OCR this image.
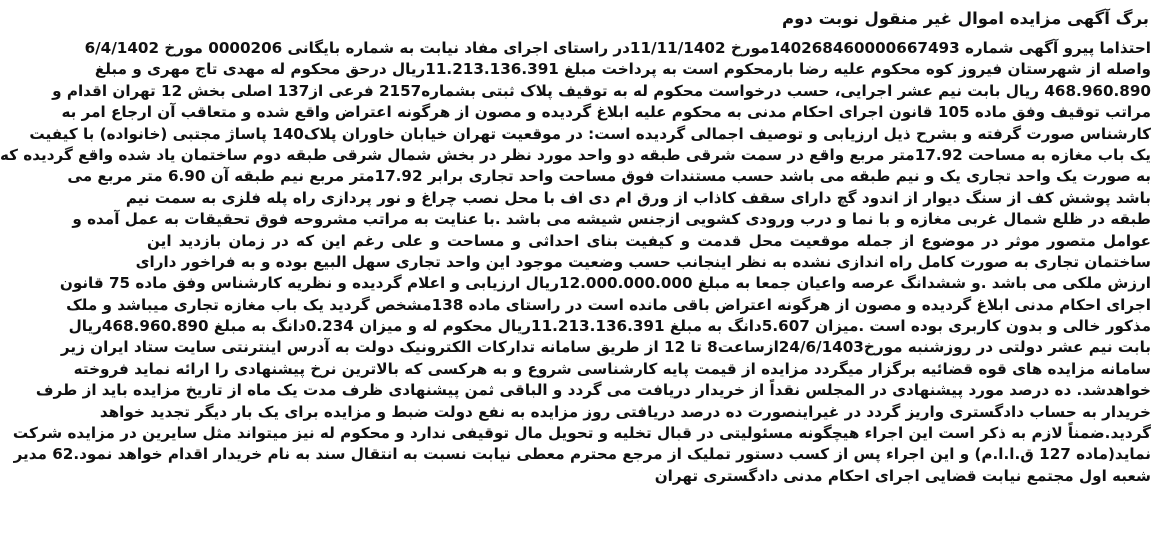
برگ آگهی مزایده اموال غیر منقول نوبت دوم
احتذاما پیرو آگهی شماره 140268460000667493مورخ 11/11/1402در راستای اجرای مفاد نیابت به شماره بایگانی 0000206 مورخ 6/4/1402
واصله از شهرستان فیروز کوه محکوم علیه رضا بارمحکوم است به پرداخت مبلغ 11.213.136.391ریال درحق محکوم له مهدی تاج مهری و مبلغ
468.960.890 ریال بابت نیم عشر اجرایی، حسب درخواست محکوم له به توقیف پلاک ثبتی بشماره2157 فرعی از137 اصلی بخش 12 تهران اقدام و
مراتب توقیف وفق ماده 105 قانون اجرای احکام مدنی به محکوم علیه ابلاغ گردیده و مصون از هرگونه اعتراض واقع شده و متعاقب آن ارجاع امر به
کارشناس صورت گرفته و بشرح ذیل ارزیابی و توصیف اجمالی گردیده است: در موقعیت تهران خیابان خاوران پلاک140 پاساژ مجتبی (خانواده) با کیفیت
یک باب مغازه به مساحت 17.92متر مربع واقع در سمت شرقی طبقه دو واحد مورد نظر در بخش شمال شرقی طبقه دوم ساختمان یاد شده واقع گردیده که
به صورت یک واحد تجاری یک و نیم طبقه می باشد حسب مستندات فوق مساحت واحد تجاری برابر 17.92متر مربع نیم طبقه آن 6.90 متر مربع می
باشد پوشش کف از سنگ دیوار از اندود گچ دارای سقف کاذاب از ورق ام دی اف با محل نصب چراغ و نور پردازی راه پله فلزی به سمت نیم
طبقه در ظلع شمال غربی مغازه و با نما و درب ورودی کشویی ازجنس شیشه می باشد .با عنایت به مراتب مشروحه فوق تحقیقات به عمل آمده و
عوامل متصور موثر در موضوع از جمله موقعیت محل قدمت و کیفیت بنای احداثی و مساحت و علی رغم این که در زمان بازدید این
ساختمان تجاری به صورت کامل راه اندازی نشده به نظر اینجانب حسب وضعیت موجود این واحد تجاری سهل البیع بوده و به فراخور دارای
ارزش ملکی می باشد .و ششدانگ عرصه واعیان جمعا به مبلغ 12.000.000.000ریال ارزیابی و اعلام گردیده و نظریه کارشناس وفق ماده 75 قانون
اجرای احکام مدنی ابلاغ گردیده و مصون از هرگونه اعتراض باقی مانده است در راستای ماده 138مشخص گردید یک باب مغازه تجاری میباشد و ملک
مذکور خالی و بدون کاربری بوده است .میزان 5.607دانگ به مبلغ 11.213.136.391ریال محکوم له و میزان 0.234دانگ به مبلغ 468.960.890ریال
بابت نیم عشر دولتی در روزشنبه مورخ24/6/1403ازساعت8 تا 12 از طریق سامانه تدارکات الکترونیک دولت به آدرس اینترنتی سایت ستاد ایران زیر
سامانه مزایده های قوه قضائیه برگزار میگردد مزایده از قیمت پایه کارشناسی شروع و به هرکسی که بالاترین نرخ پیشنهادی را ارائه نماید فروخته
خواهدشد. ده درصد مورد پیشنهادی در المجلس نقداً از خریدار دریافت می گردد و الباقی ثمن پیشنهادی ظرف مدت یک ماه از تاریخ مزایده باید از طرف
خریدار به حساب دادگستری واریز گردد در غیراینصورت ده درصد دریافتی روز مزایده به نفع دولت ضبط و مزایده برای یک بار دیگر تجدید خواهد
گردید.ضمناً لازم به ذکر است این اجراء هیچگونه مسئولیتی در قبال تخلیه و تحویل مال توقیفی ندارد و محکوم له نیز میتواند مثل سایرین در مزایده شرکت
نماید(ماده 127 ق.ا.ا.م) و این اجراء پس از کسب دستور تملیک از مرجع محترم معطی نیابت نسبت به انتقال سند به نام خریدار اقدام خواهد نمود.62 مدیر
شعبه اول مجتمع نیابت قضایی اجرای احکام مدنی دادگستری تهران
